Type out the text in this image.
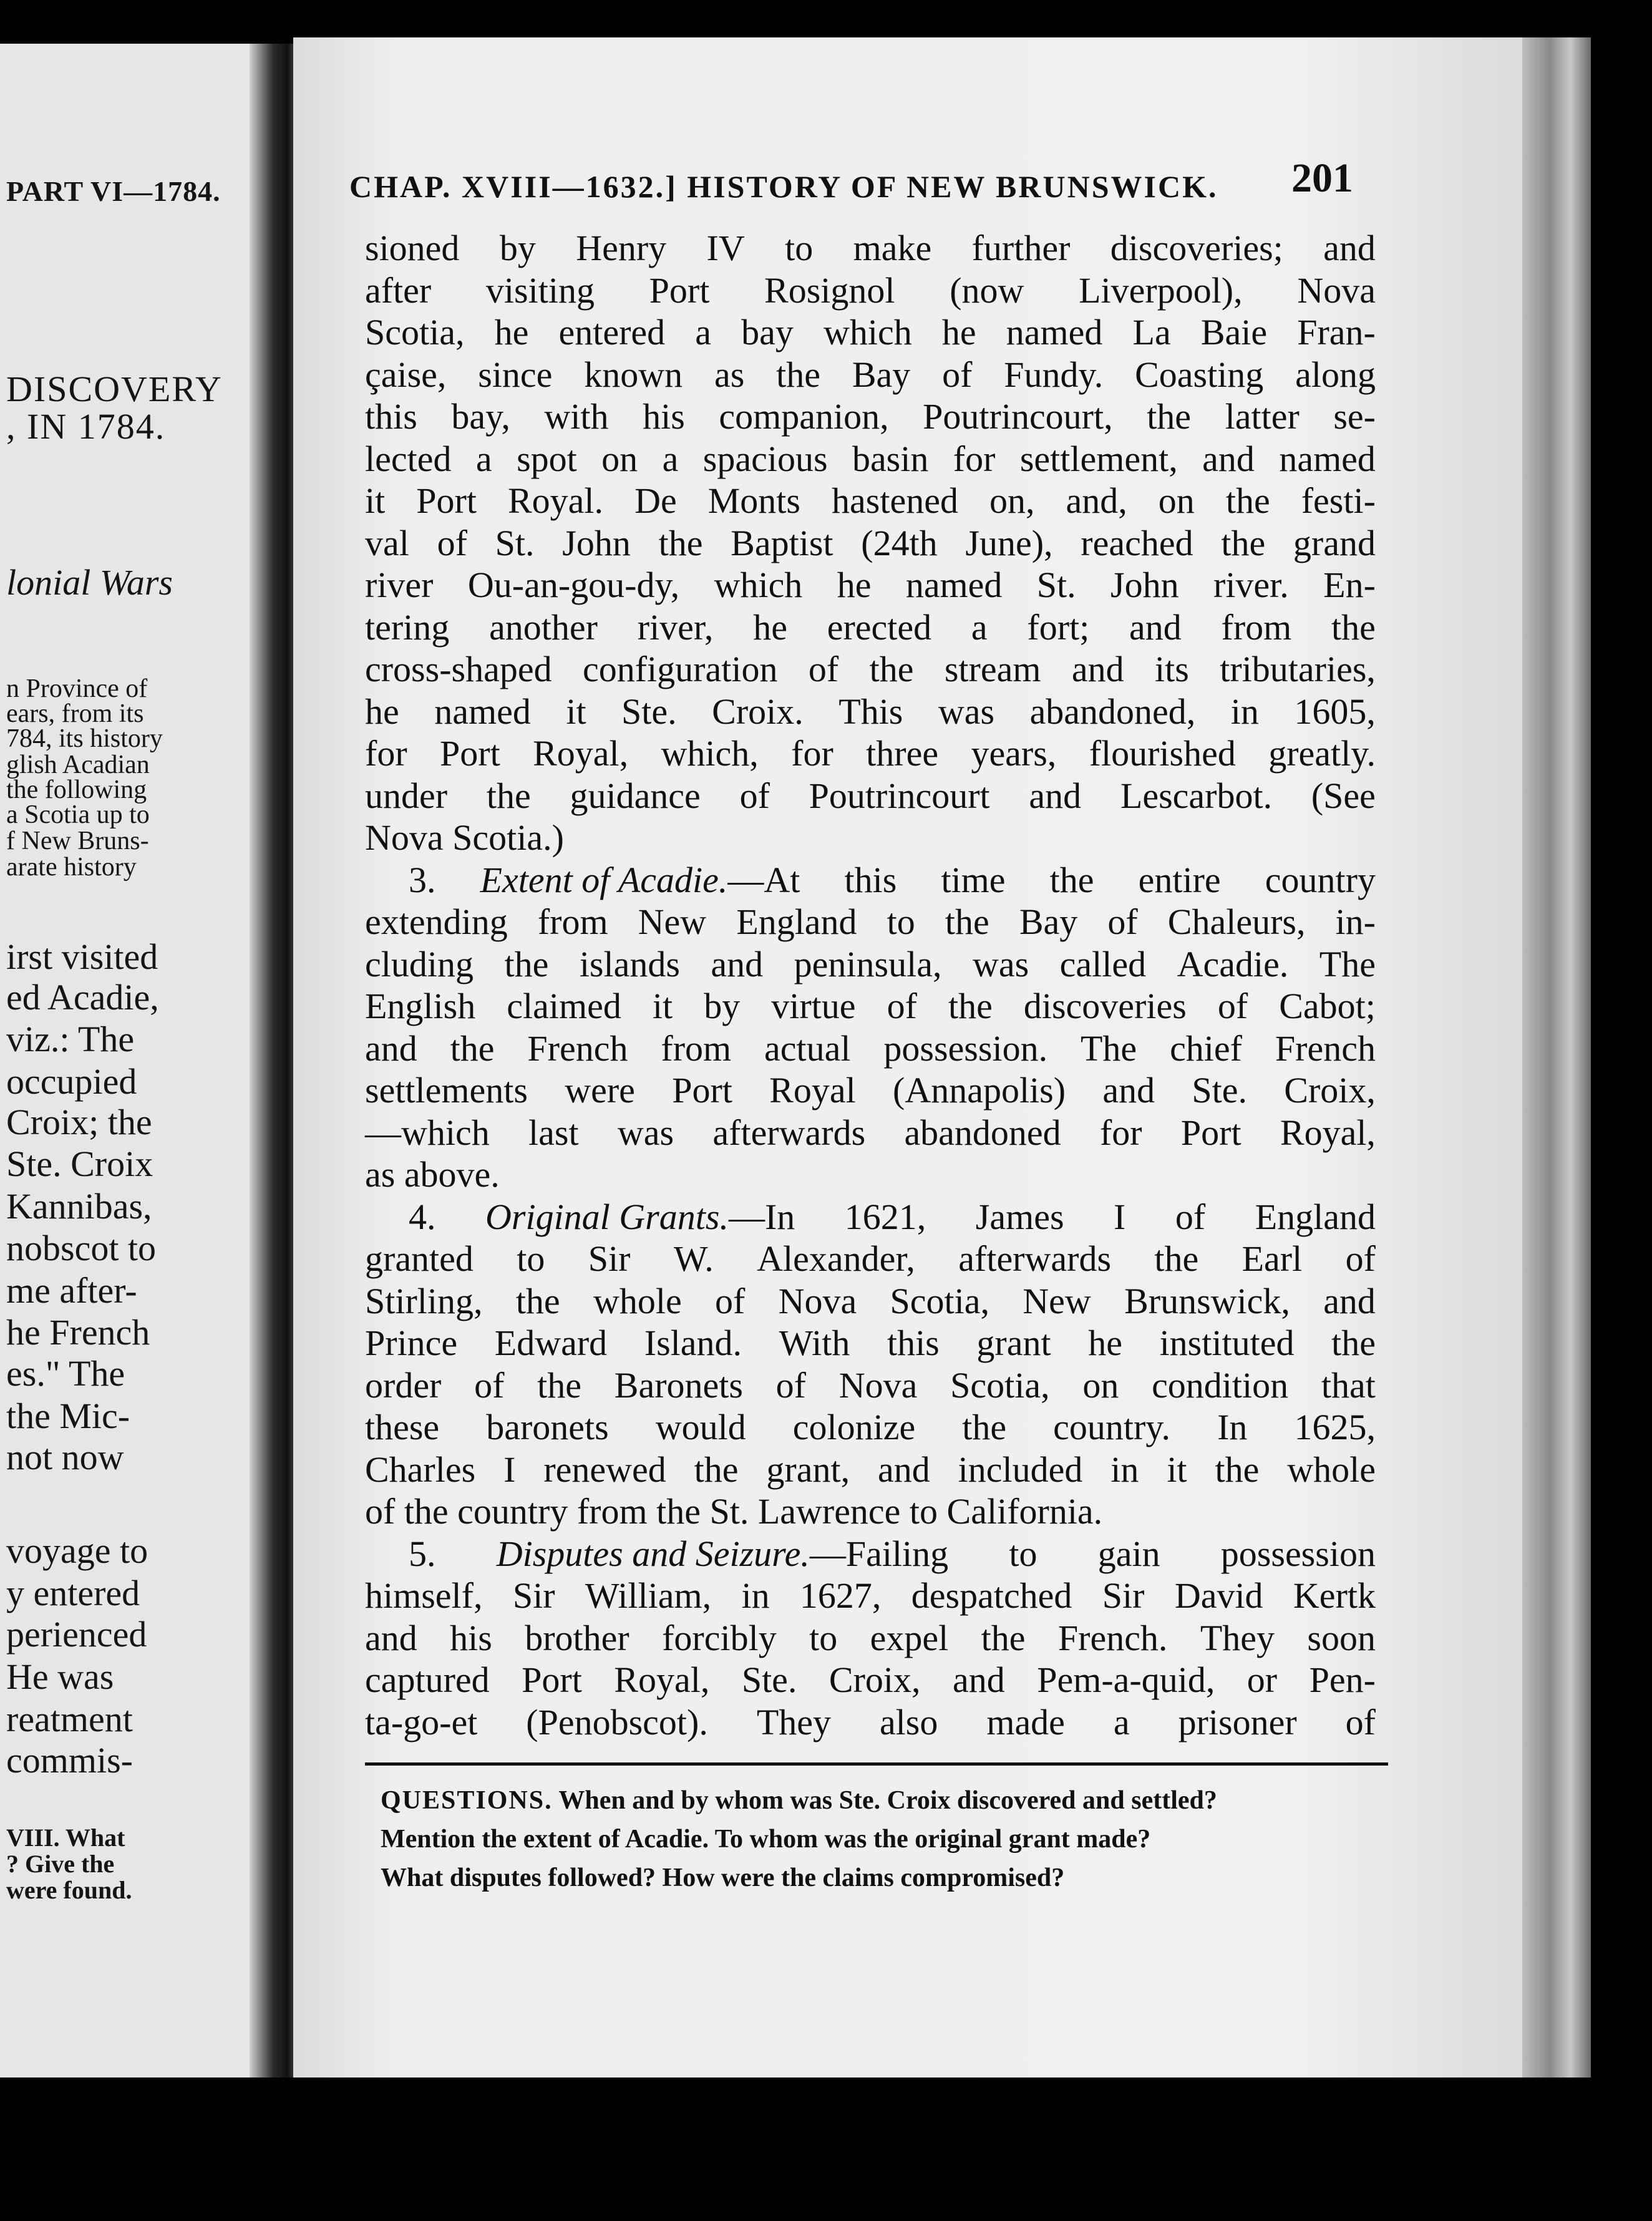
PART VI—1784.
DISCOVERY
, IN 1784.
lonial Wars
n Province of
ears, from its
784, its history
glish Acadian
the following
a Scotia up to
f New Bruns-
arate history
irst visited
ed Acadie,
viz.: The
occupied
Croix; the
Ste. Croix
Kannibas,
nobscot to
me after-
he French
es." The
the Mic-
not now
voyage to
y entered
perienced
He was
reatment
commis-
VIII. What
? Give the
were found.
CHAP. XVIII—1632.] HISTORY OF NEW BRUNSWICK.	201
sioned by Henry IV to make further discoveries; and
after visiting Port Rosignol (now Liverpool), Nova
Scotia, he entered a bay which he named La Baie Fran-
çaise, since known as the Bay of Fundy. Coasting along
this bay, with his companion, Poutrincourt, the latter se-
lected a spot on a spacious basin for settlement, and named
it Port Royal. De Monts hastened on, and, on the festi-
val of St. John the Baptist (24th June), reached the grand
river Ou-an-gou-dy, which he named St. John river. En-
tering another river, he erected a fort; and from the
cross-shaped configuration of the stream and its tributaries,
he named it Ste. Croix. This was abandoned, in 1605,
for Port Royal, which, for three years, flourished greatly.
under the guidance of Poutrincourt and Lescarbot. (See
Nova Scotia.)
3. Extent of Acadie.—At this time the entire country
extending from New England to the Bay of Chaleurs, in-
cluding the islands and peninsula, was called Acadie. The
English claimed it by virtue of the discoveries of Cabot;
and the French from actual possession. The chief French
settlements were Port Royal (Annapolis) and Ste. Croix,
—which last was afterwards abandoned for Port Royal,
as above.
4. Original Grants.—In 1621, James I of England
granted to Sir W. Alexander, afterwards the Earl of
Stirling, the whole of Nova Scotia, New Brunswick, and
Prince Edward Island. With this grant he instituted the
order of the Baronets of Nova Scotia, on condition that
these baronets would colonize the country. In 1625,
Charles I renewed the grant, and included in it the whole
of the country from the St. Lawrence to California.
5. Disputes and Seizure.—Failing to gain possession
himself, Sir William, in 1627, despatched Sir David Kertk
and his brother forcibly to expel the French. They soon
captured Port Royal, Ste. Croix, and Pem-a-quid, or Pen-
ta-go-et (Penobscot). They also made a prisoner of
QUESTIONS. When and by whom was Ste. Croix discovered and settled?
Mention the extent of Acadie. To whom was the original grant made?
What disputes followed? How were the claims compromised?
